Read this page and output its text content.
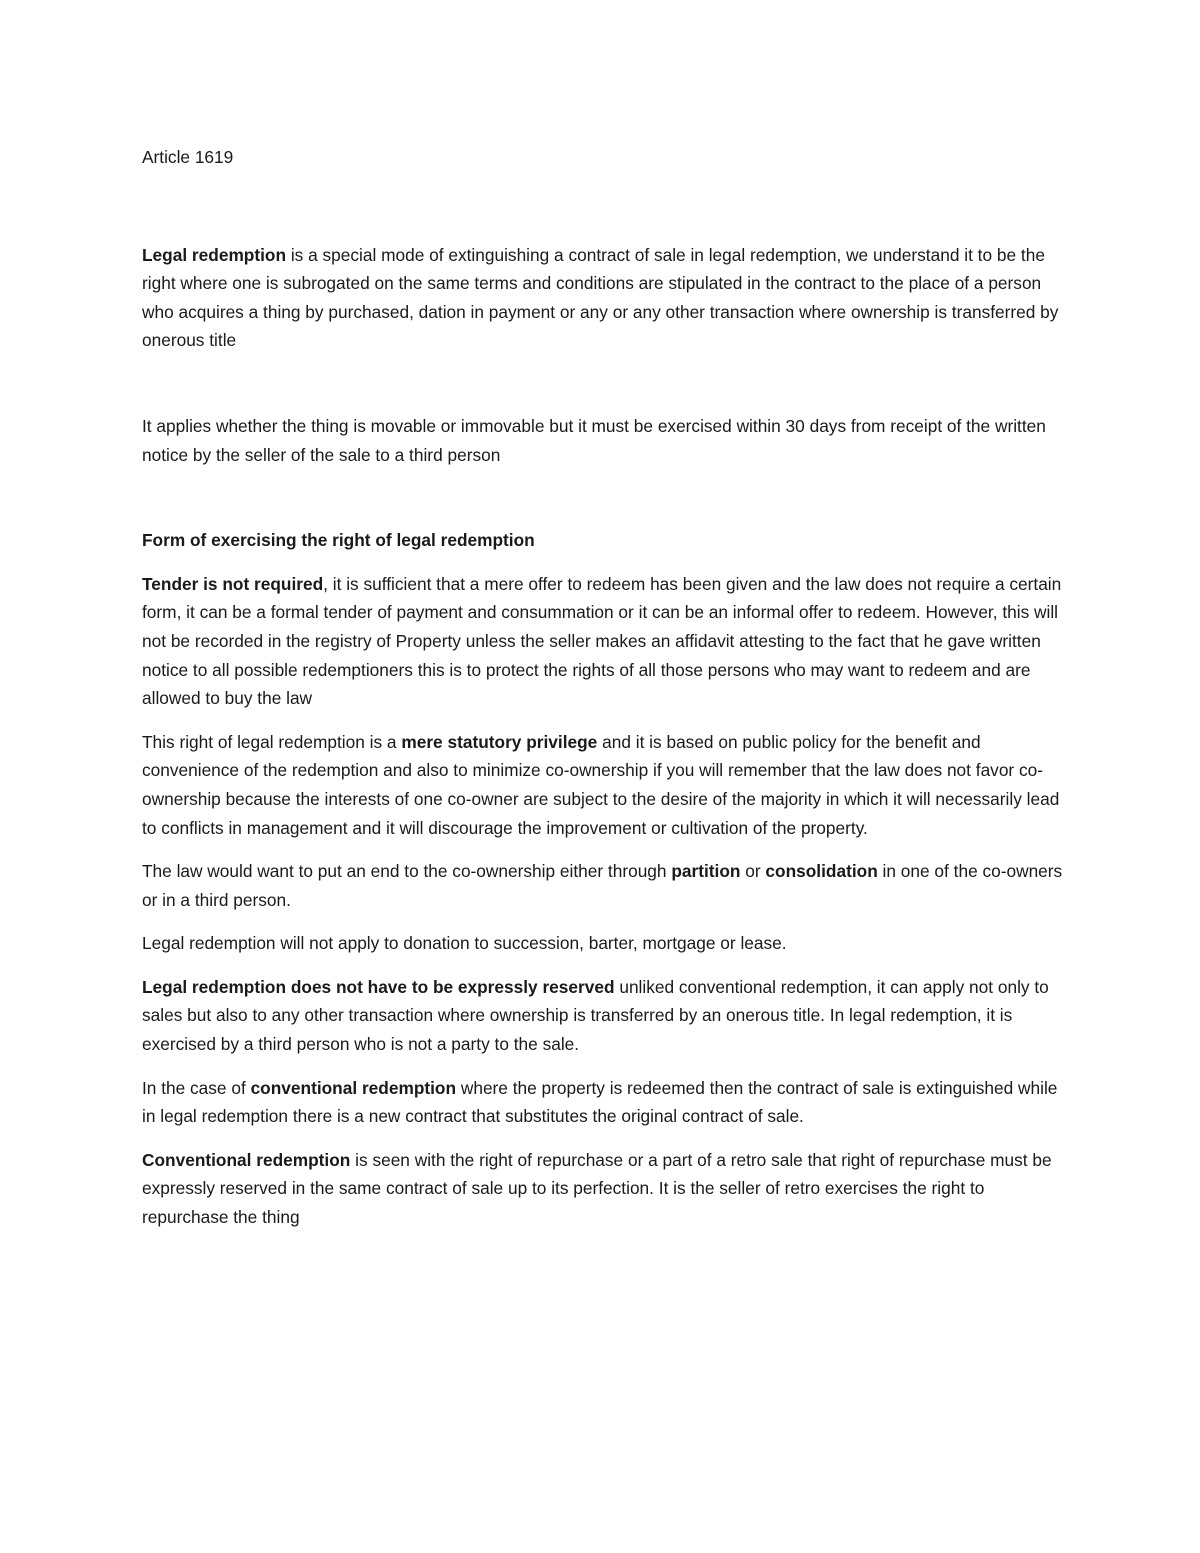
Article 1619

Legal redemption is a special mode of extinguishing a contract of sale in legal redemption, we understand it to be the right where one is subrogated on the same terms and conditions are stipulated in the contract to the place of a person who acquires a thing by purchased, dation in payment or any or any other transaction where ownership is transferred by onerous title

It applies whether the thing is movable or immovable but it must be exercised within 30 days from receipt of the written notice by the seller of the sale to a third person

Form of exercising the right of legal redemption

Tender is not required, it is sufficient that a mere offer to redeem has been given and the law does not require a certain form, it can be a formal tender of payment and consummation or it can be an informal offer to redeem. However, this will not be recorded in the registry of Property unless the seller makes an affidavit attesting to the fact that he gave written notice to all possible redemptioners this is to protect the rights of all those persons who may want to redeem and are allowed to buy the law

This right of legal redemption is a mere statutory privilege and it is based on public policy for the benefit and convenience of the redemption and also to minimize co-ownership if you will remember that the law does not favor co-ownership because the interests of one co-owner are subject to the desire of the majority in which it will necessarily lead to conflicts in management and it will discourage the improvement or cultivation of the property.

The law would want to put an end to the co-ownership either through partition or consolidation in one of the co-owners or in a third person.

Legal redemption will not apply to donation to succession, barter, mortgage or lease.

Legal redemption does not have to be expressly reserved unliked conventional redemption, it can apply not only to sales but also to any other transaction where ownership is transferred by an onerous title. In legal redemption, it is exercised by a third person who is not a party to the sale.

In the case of conventional redemption where the property is redeemed then the contract of sale is extinguished while in legal redemption there is a new contract that substitutes the original contract of sale.

Conventional redemption is seen with the right of repurchase or a part of a retro sale that right of repurchase must be expressly reserved in the same contract of sale up to its perfection. It is the seller of retro exercises the right to repurchase the thing
